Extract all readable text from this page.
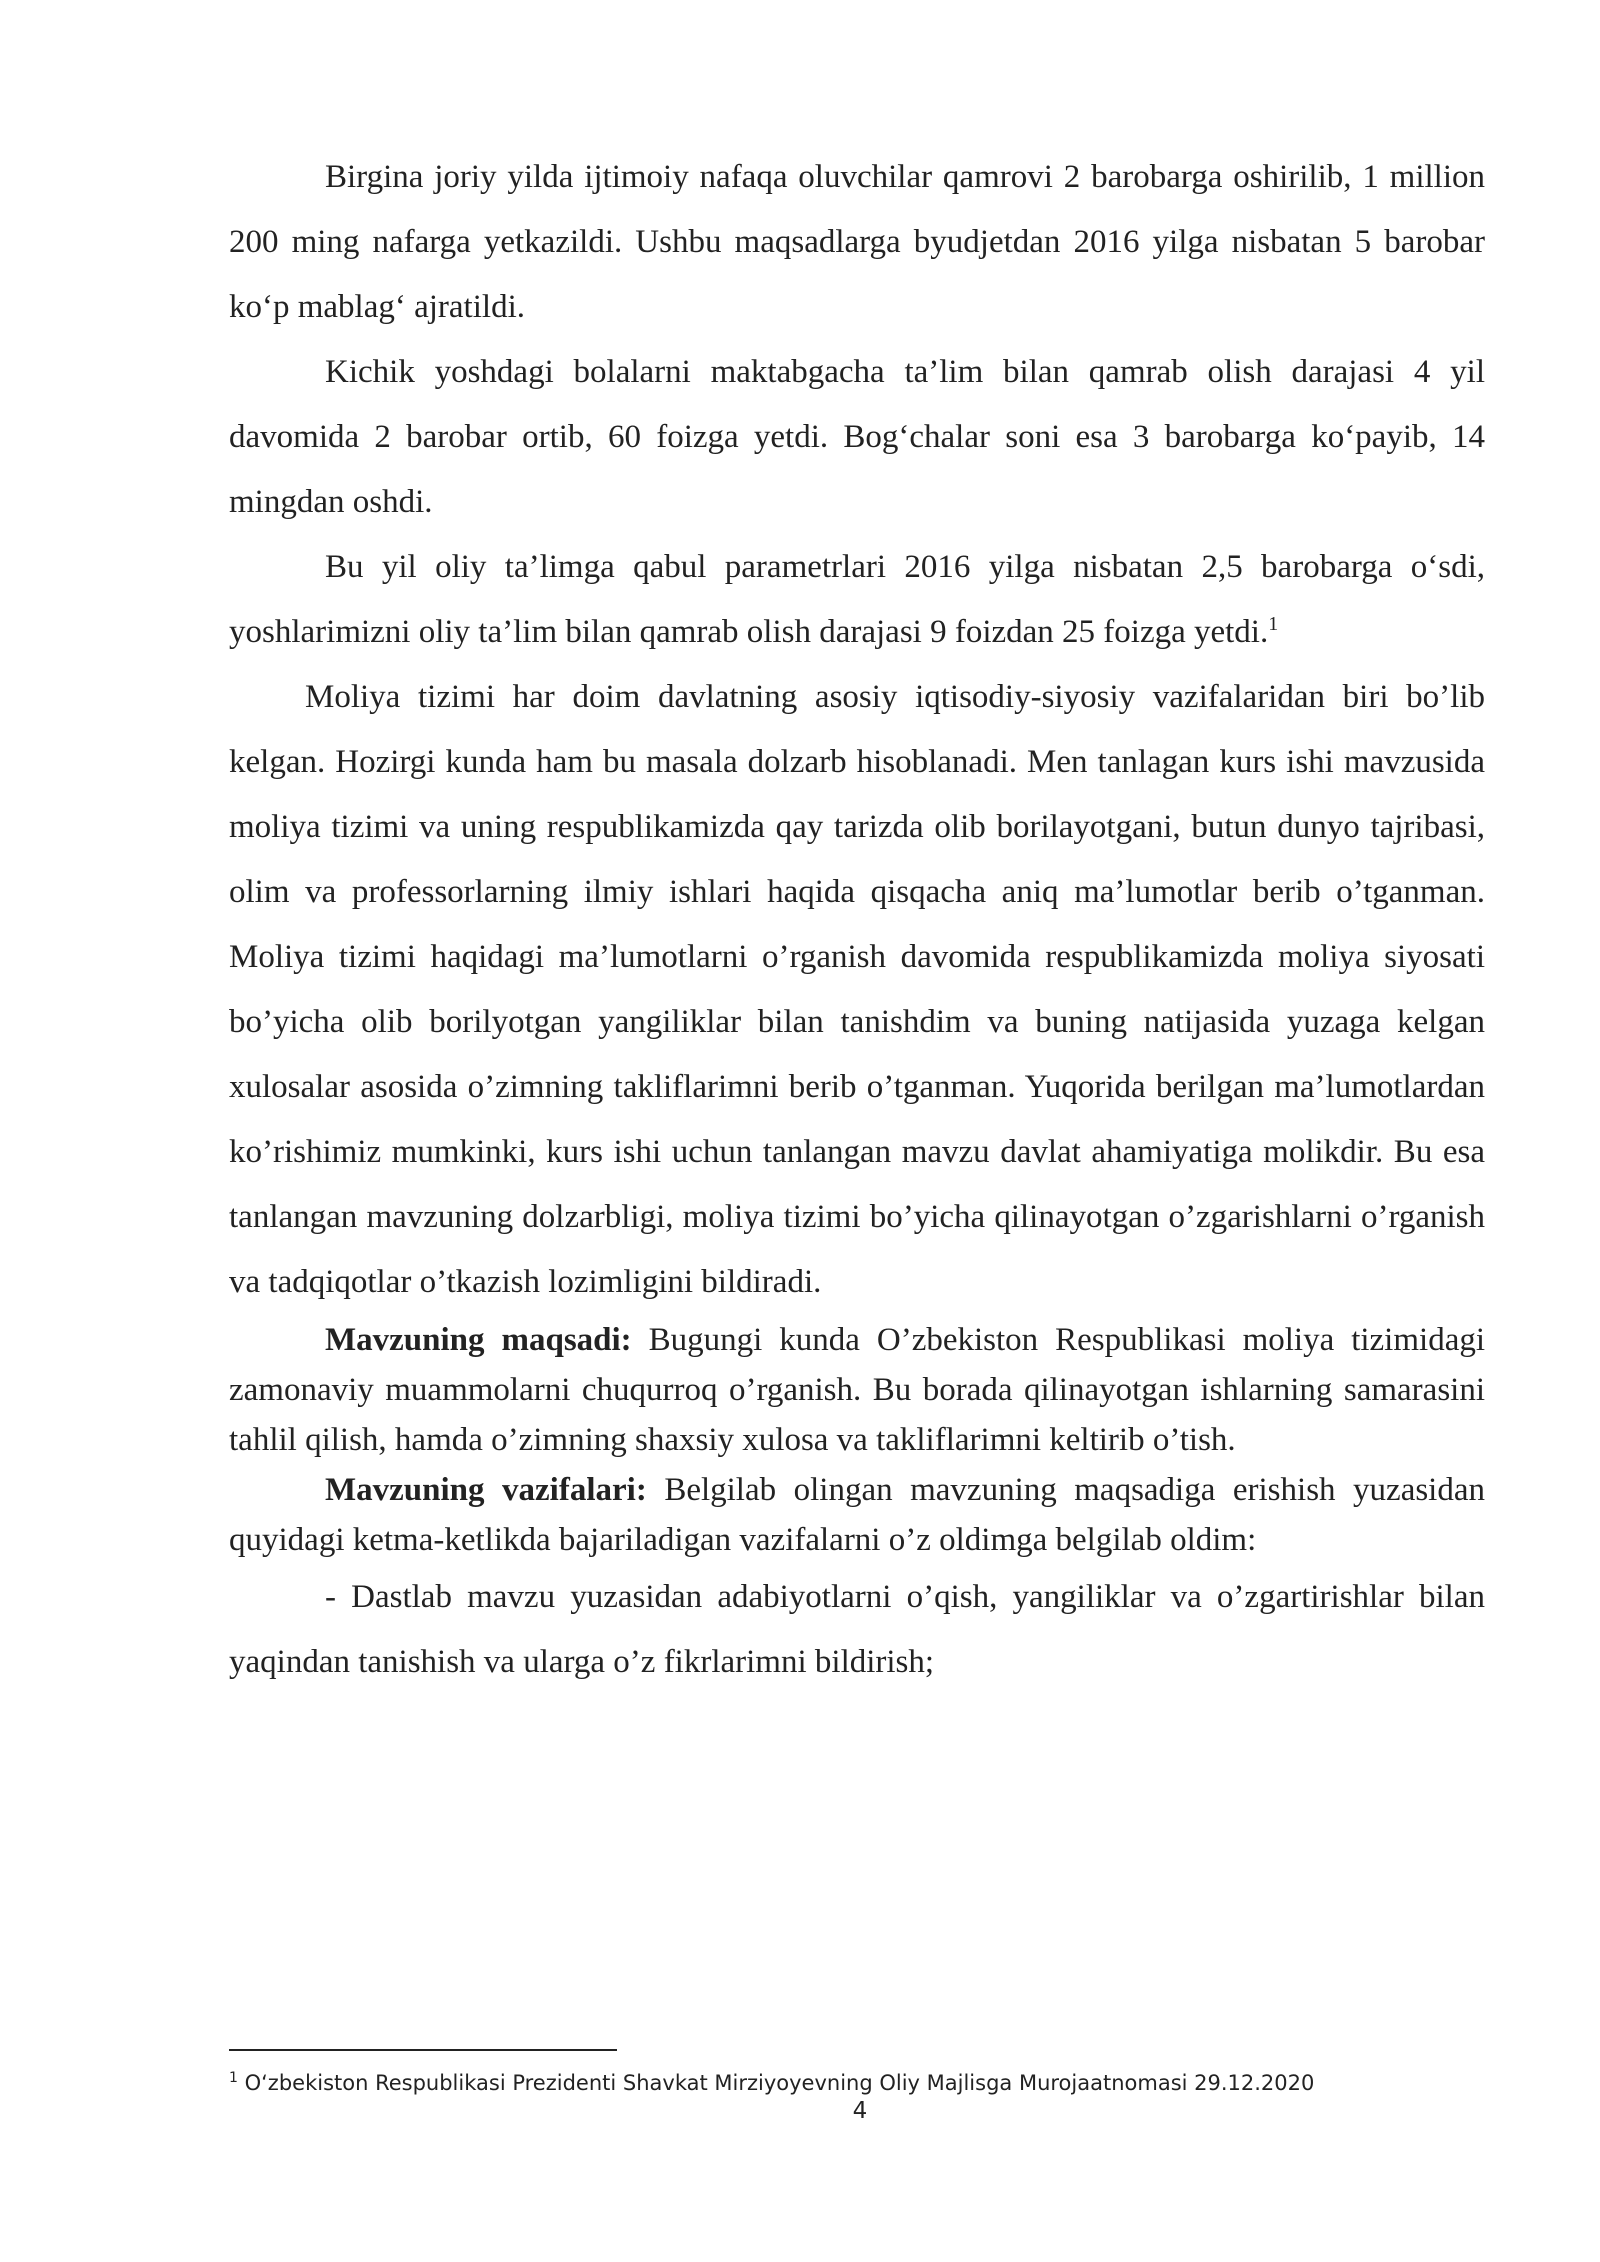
Birgina joriy yilda ijtimoiy nafaqa oluvchilar qamrovi 2 barobarga oshirilib, 1 million 200 ming nafarga yetkazildi. Ushbu maqsadlarga byudjetdan 2016 yilga nisbatan 5 barobar ko‘p mablag‘ ajratildi.

Kichik yoshdagi bolalarni maktabgacha ta’lim bilan qamrab olish darajasi 4 yil davomida 2 barobar ortib, 60 foizga yetdi. Bog‘chalar soni esa 3 barobarga ko‘payib, 14 mingdan oshdi.

Bu yil oliy ta’limga qabul parametrlari 2016 yilga nisbatan 2,5 barobarga o‘sdi, yoshlarimizni oliy ta’lim bilan qamrab olish darajasi 9 foizdan 25 foizga yetdi.$^1$

Moliya tizimi har doim davlatning asosiy iqtisodiy-siyosiy vazifalaridan biri bo’lib kelgan. Hozirgi kunda ham bu masala dolzarb hisoblanadi. Men tanlagan kurs ishi mavzusida moliya tizimi va uning respublikamizda qay tarizda olib borilayotgani, butun dunyo tajribasi, olim va professorlarning ilmiy ishlari haqida qisqacha aniq ma’lumotlar berib o’tganman. Moliya tizimi haqidagi ma’lumotlarni o’rganish davomida respublikamizda moliya siyosati bo’yicha olib borilyotgan yangiliklar bilan tanishdim va buning natijasida yuzaga kelgan xulosalar asosida o’zimning takliflarimni berib o’tganman. Yuqorida berilgan ma’lumotlardan ko’rishimiz mumkinki, kurs ishi uchun tanlangan mavzu davlat ahamiyatiga molikdir. Bu esa tanlangan mavzuning dolzarbligi, moliya tizimi bo’yicha qilinayotgan o’zgarishlarni o’rganish va tadqiqotlar o’tkazish lozimligini bildiradi.

Mavzuning maqsadi: Bugungi kunda O’zbekiston Respublikasi moliya tizimidagi zamonaviy muammolarni chuqurroq o’rganish. Bu borada qilinayotgan ishlarning samarasini tahlil qilish, hamda o’zimning shaxsiy xulosa va takliflarimni keltirib o’tish.

Mavzuning vazifalari: Belgilab olingan mavzuning maqsadiga erishish yuzasidan quyidagi ketma-ketlikda bajariladigan vazifalarni o’z oldimga belgilab oldim:

- Dastlab mavzu yuzasidan adabiyotlarni o’qish, yangiliklar va o’zgartirishlar bilan yaqindan tanishish va ularga o’z fikrlarimni bildirish;

$^1$ O‘zbekiston Respublikasi Prezidenti Shavkat Mirziyoyevning Oliy Majlisga Murojaatnomasi 29.12.2020
4
